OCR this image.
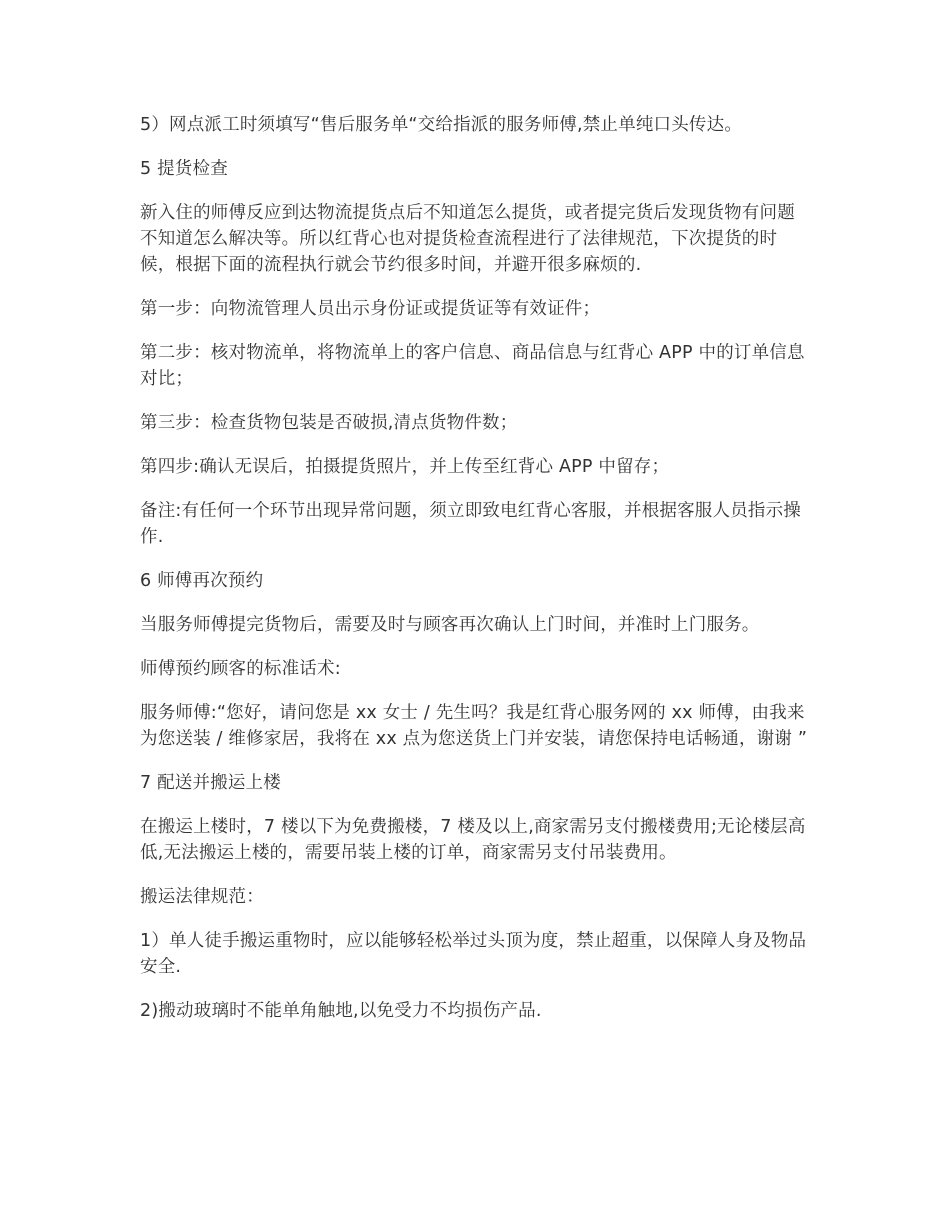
5）网点派工时须填写“售后服务单“交给指派的服务师傅,禁止单纯口头传达。

5 提货检查

新入住的师傅反应到达物流提货点后不知道怎么提货，或者提完货后发现货物有问题不知道怎么解决等。所以红背心也对提货检查流程进行了法律规范，下次提货的时候，根据下面的流程执行就会节约很多时间，并避开很多麻烦的.

第一步：向物流管理人员出示身份证或提货证等有效证件；

第二步：核对物流单，将物流单上的客户信息、商品信息与红背心 APP 中的订单信息对比；

第三步：检查货物包装是否破损,清点货物件数；

第四步:确认无误后，拍摄提货照片，并上传至红背心 APP 中留存；

备注:有任何一个环节出现异常问题，须立即致电红背心客服，并根据客服人员指示操作.

6 师傅再次预约

当服务师傅提完货物后，需要及时与顾客再次确认上门时间，并准时上门服务。

师傅预约顾客的标准话术:

服务师傅:“您好，请问您是 xx 女士 / 先生吗？我是红背心服务网的 xx 师傅，由我来为您送装 / 维修家居，我将在 xx 点为您送货上门并安装，请您保持电话畅通，谢谢 ”

7 配送并搬运上楼

在搬运上楼时，7 楼以下为免费搬楼，7 楼及以上,商家需另支付搬楼费用;无论楼层高低,无法搬运上楼的，需要吊装上楼的订单，商家需另支付吊装费用。

搬运法律规范：

1）单人徒手搬运重物时，应以能够轻松举过头顶为度，禁止超重，以保障人身及物品安全.

2)搬动玻璃时不能单角触地,以免受力不均损伤产品.
